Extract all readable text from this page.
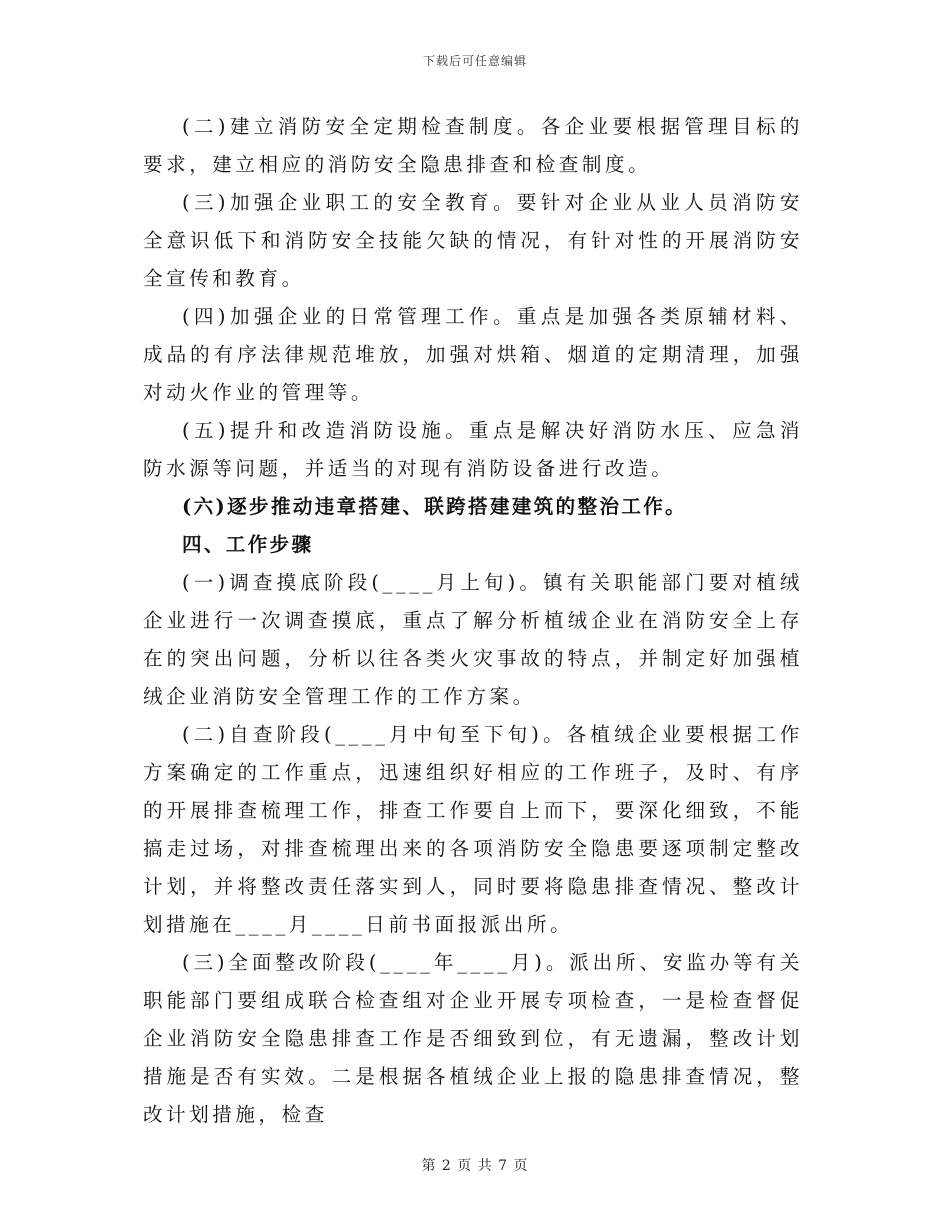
下载后可任意编辑

(二)建立消防安全定期检查制度。各企业要根据管理目标的要求，建立相应的消防安全隐患排查和检查制度。

(三)加强企业职工的安全教育。要针对企业从业人员消防安全意识低下和消防安全技能欠缺的情况，有针对性的开展消防安全宣传和教育。

(四)加强企业的日常管理工作。重点是加强各类原辅材料、成品的有序法律规范堆放，加强对烘箱、烟道的定期清理，加强对动火作业的管理等。

(五)提升和改造消防设施。重点是解决好消防水压、应急消防水源等问题，并适当的对现有消防设备进行改造。

(六)逐步推动违章搭建、联跨搭建建筑的整治工作。

四、工作步骤

(一)调查摸底阶段(____月上旬)。镇有关职能部门要对植绒企业进行一次调查摸底，重点了解分析植绒企业在消防安全上存在的突出问题，分析以往各类火灾事故的特点，并制定好加强植绒企业消防安全管理工作的工作方案。

(二)自查阶段(____月中旬至下旬)。各植绒企业要根据工作方案确定的工作重点，迅速组织好相应的工作班子，及时、有序的开展排查梳理工作，排查工作要自上而下，要深化细致，不能搞走过场，对排查梳理出来的各项消防安全隐患要逐项制定整改计划，并将整改责任落实到人，同时要将隐患排查情况、整改计划措施在____月____日前书面报派出所。

(三)全面整改阶段(____年____月)。派出所、安监办等有关职能部门要组成联合检查组对企业开展专项检查，一是检查督促企业消防安全隐患排查工作是否细致到位，有无遗漏，整改计划措施是否有实效。二是根据各植绒企业上报的隐患排查情况，整改计划措施，检查

第 2 页 共 7 页
